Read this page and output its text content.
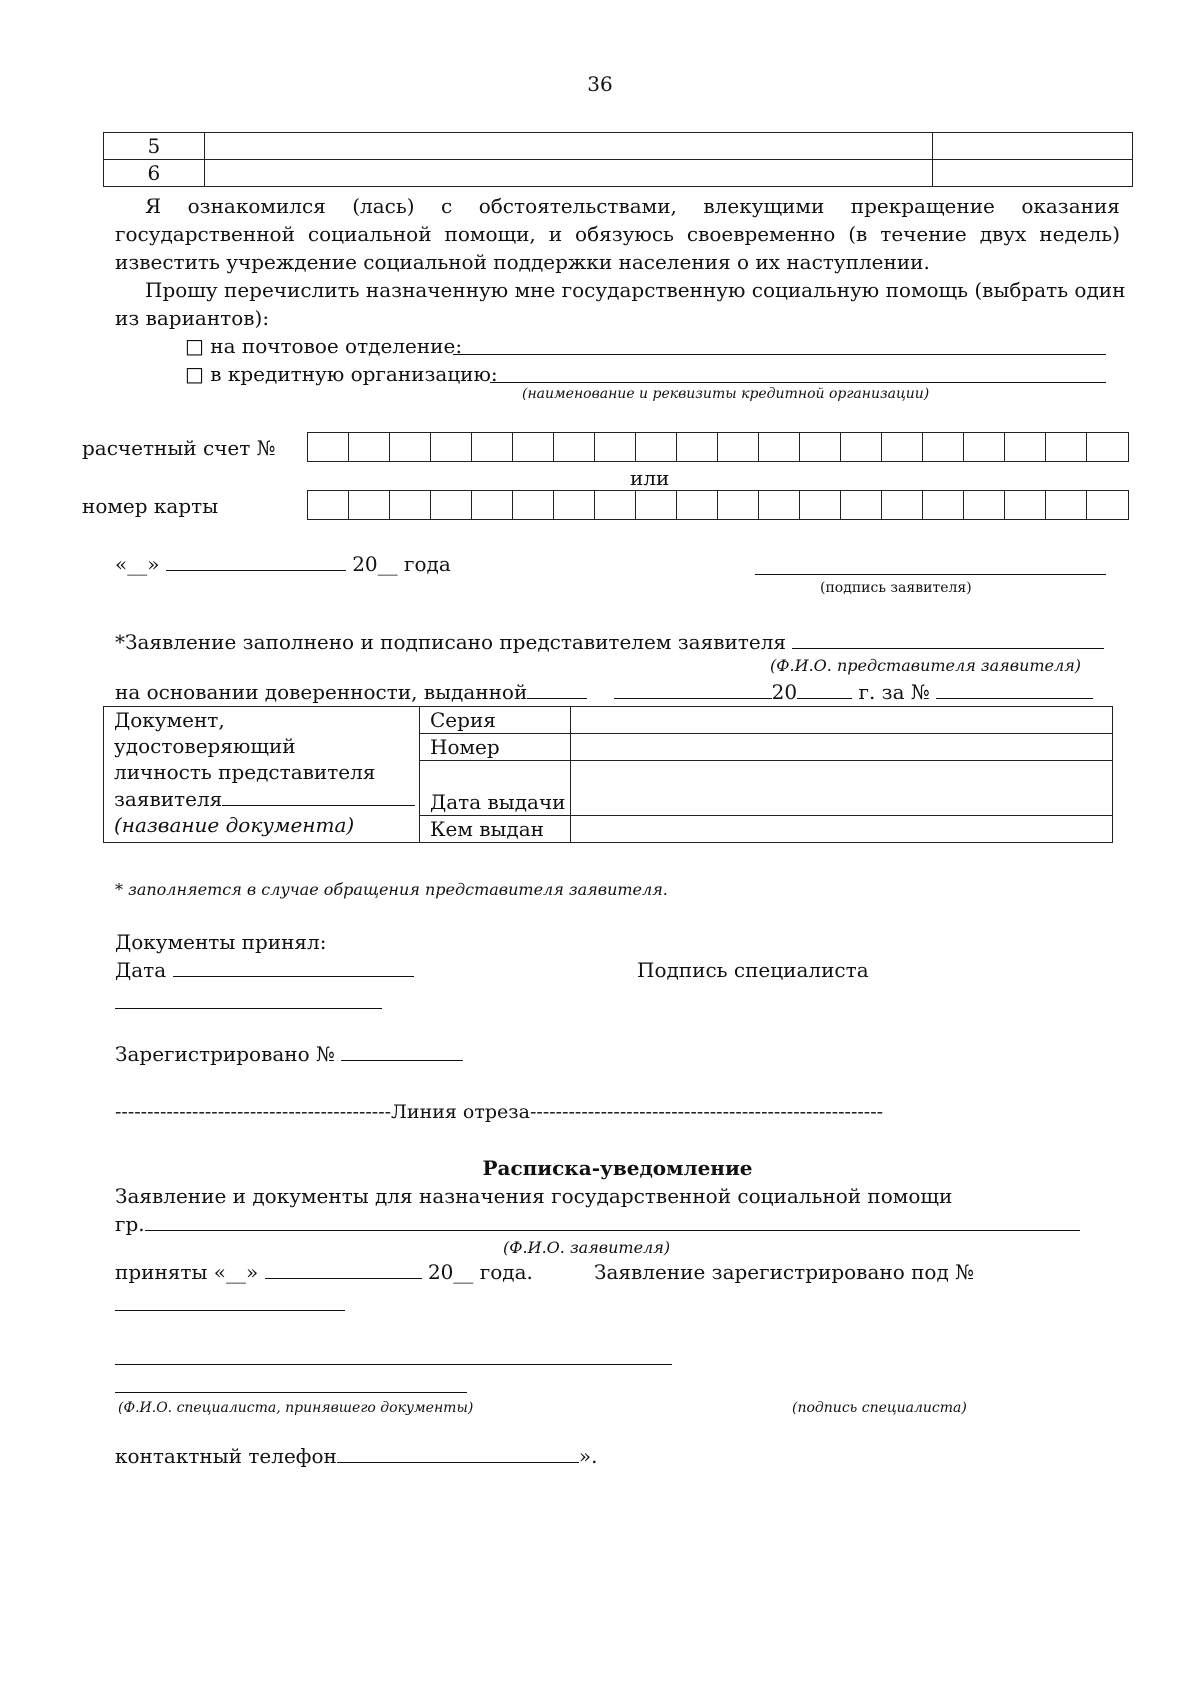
36
5		
6		
Я ознакомился (лась) с обстоятельствами, влекущими прекращение оказания
государственной социальной помощи, и обязуюсь своевременно (в течение двух недель)
известить учреждение социальной поддержки населения о их наступлении.
Прошу перечислить назначенную мне государственную социальную помощь (выбрать один
из вариантов):
□ на почтовое отделение:
□ в кредитную организацию:
(наименование и реквизиты кредитной организации)
расчетный счет №
или
номер карты
«__»	20__ года
(подпись заявителя)
*Заявление заполнено и подписано представителем заявителя
(Ф.И.О. представителя заявителя)
на основании доверенности, выданной	20	г. за №
Документ,
удостоверяющий
личность представителя
заявителя
(название документа)	Серия	
	Номер	
	Дата выдачи	
	Кем выдан	
* заполняется в случае обращения представителя заявителя.
Документы принял:
Дата	Подпись специалиста
Зарегистрировано №
-------------------------------------------Линия отреза-------------------------------------------------------
Расписка-уведомление
Заявление и документы для назначения государственной социальной помощи
гр.
(Ф.И.О. заявителя)
приняты «__»	20__ года.	Заявление зарегистрировано под №
(Ф.И.О. специалиста, принявшего документы)	(подпись специалиста)
контактный телефон	».
